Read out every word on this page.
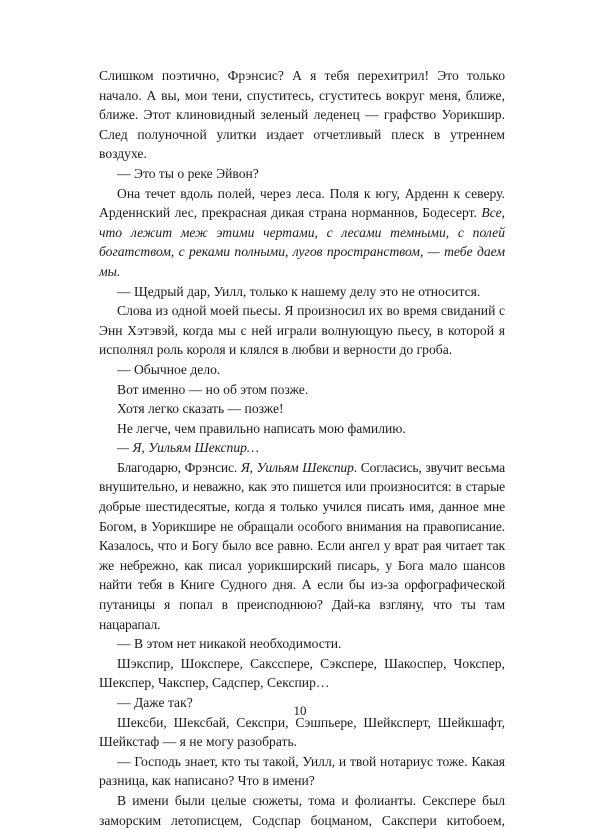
Слишком поэтично, Фрэнсис? А я тебя перехитрил! Это только начало. А вы, мои тени, спуститесь, сгуститесь вокруг меня, ближе, ближе. Этот клиновидный зеленый леденец — графство Уорикшир. След полуночной улитки издает отчетливый плеск в утреннем воздухе.

— Это ты о реке Эйвон?

Она течет вдоль полей, через леса. Поля к югу, Арденн к северу. Арденнский лес, прекрасная дикая страна норманнов, Бодесерт. Все, что лежит меж этими чертами, с лесами темными, с полей богатством, с реками полными, лугов пространством, — тебе даем мы.

— Щедрый дар, Уилл, только к нашему делу это не относится.

Слова из одной моей пьесы. Я произносил их во время свиданий с Энн Хэтэвэй, когда мы с ней играли волнующую пьесу, в которой я исполнял роль короля и клялся в любви и верности до гроба.

— Обычное дело.

Вот именно — но об этом позже.

Хотя легко сказать — позже!

Не легче, чем правильно написать мою фамилию.

— Я, Уильям Шекспир…

Благодарю, Фрэнсис. Я, Уильям Шекспир. Согласись, звучит весьма внушительно, и неважно, как это пишется или произносится: в старые добрые шестидесятые, когда я только учился писать имя, данное мне Богом, в Уорикшире не обращали особого внимания на правописание. Казалось, что и Богу было все равно. Если ангел у врат рая читает так же небрежно, как писал уорикширский писарь, у Бога мало шансов найти тебя в Книге Судного дня. А если бы из-за орфографической путаницы я попал в преисподнюю? Дай-ка взгляну, что ты там нацарапал.

— В этом нет никакой необходимости.

Шэкспир, Шокспере, Саксспере, Сэкспере, Шакоспер, Чокспер, Шекспер, Чакспер, Садспер, Секспир…

— Даже так?

Шексби, Шексбай, Секспри, Сэшпьере, Шейксперт, Шейкшафт, Шейкстаф — я не могу разобрать.

— Господь знает, кто ты такой, Уилл, и твой нотариус тоже. Какая разница, как написано? Что в имени?

В имени были целые сюжеты, тома и фолианты. Секспере был заморским летописцем, Содспар боцманом, Сакспери китобоем,

10
